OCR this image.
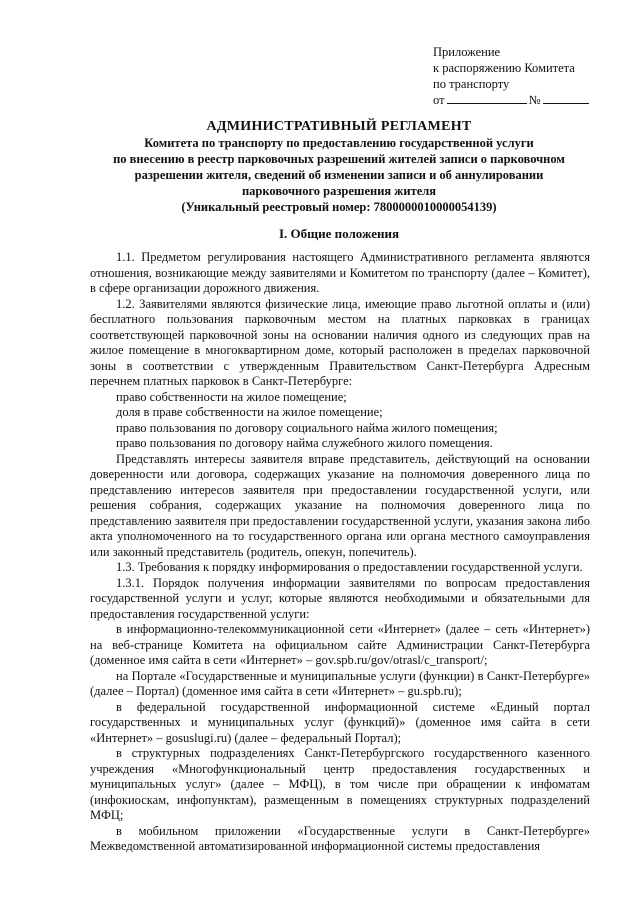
Приложение
к распоряжению Комитета
по транспорту
от	№
АДМИНИСТРАТИВНЫЙ РЕГЛАМЕНТ
Комитета по транспорту по предоставлению государственной услуги
по внесению в реестр парковочных разрешений жителей записи о парковочном
разрешении жителя, сведений об изменении записи и об аннулировании
парковочного разрешения жителя
(Уникальный реестровый номер: 7800000010000054139)
I. Общие положения

1.1. Предметом регулирования настоящего Административного регламента являются отношения, возникающие между заявителями и Комитетом по транспорту (далее – Комитет), в сфере организации дорожного движения.

1.2. Заявителями являются физические лица, имеющие право льготной оплаты и (или) бесплатного пользования парковочным местом на платных парковках в границах соответствующей парковочной зоны на основании наличия одного из следующих прав на жилое помещение в многоквартирном доме, который расположен в пределах парковочной зоны в соответствии с утвержденным Правительством Санкт-Петербурга Адресным перечнем платных парковок в Санкт-Петербурге:

право собственности на жилое помещение;

доля в праве собственности на жилое помещение;

право пользования по договору социального найма жилого помещения;

право пользования по договору найма служебного жилого помещения.

Представлять интересы заявителя вправе представитель, действующий на основании доверенности или договора, содержащих указание на полномочия доверенного лица по представлению интересов заявителя при предоставлении государственной услуги, или решения собрания, содержащих указание на полномочия доверенного лица по представлению заявителя при предоставлении государственной услуги, указания закона либо акта уполномоченного на то государственного органа или органа местного самоуправления или законный представитель (родитель, опекун, попечитель).

1.3. Требования к порядку информирования о предоставлении государственной услуги.

1.3.1. Порядок получения информации заявителями по вопросам предоставления государственной услуги и услуг, которые являются необходимыми и обязательными для предоставления государственной услуги:

в информационно-телекоммуникационной сети «Интернет» (далее – сеть «Интернет») на веб-странице Комитета на официальном сайте Администрации Санкт-Петербурга (доменное имя сайта в сети «Интернет» – gov.spb.ru/gov/otrasl/c_transport/;

на Портале «Государственные и муниципальные услуги (функции) в Санкт-Петербурге» (далее – Портал) (доменное имя сайта в сети «Интернет» – gu.spb.ru);

в федеральной государственной информационной системе «Единый портал государственных и муниципальных услуг (функций)» (доменное имя сайта в сети «Интернет» – gosuslugi.ru) (далее – федеральный Портал);

в структурных подразделениях Санкт-Петербургского государственного казенного учреждения «Многофункциональный центр предоставления государственных и муниципальных услуг» (далее – МФЦ), в том числе при обращении к инфоматам (инфокиоскам, инфопунктам), размещенным в помещениях структурных подразделений МФЦ;

в мобильном приложении «Государственные услуги в Санкт-Петербурге» Межведомственной автоматизированной информационной системы предоставления
